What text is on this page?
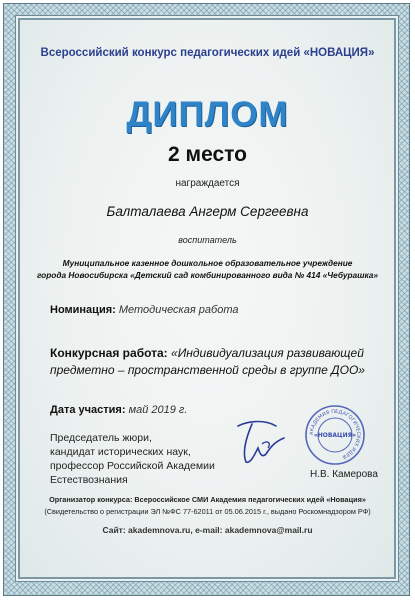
Всероссийский конкурс педагогических идей «НОВАЦИЯ»
ДИПЛОМ
2 место
награждается
Балталаева Ангерм Сергеевна
воспитатель
Муниципальное казенное дошкольное образовательное учреждение
города Новосибирска «Детский сад комбинированного вида № 414 «Чебурашка»
Номинация: Методическая работа
Конкурсная работа: «Индивидуализация развивающей
предметно – пространственной среды в группе ДОО»
Дата участия: май 2019 г.
Председатель жюри,
кандидат исторических наук,
профессор Российской Академии
Естествознания
АКАДЕМИЯ ПЕДАГОГИЧЕСКИХ ИДЕЙ
«НОВАЦИЯ»
Н.В. Камерова
Организатор конкурса: Всероссийское СМИ Академия педагогических идей «Новация»
(Свидетельство о регистрации ЭЛ №ФС 77-62011 от 05.06.2015 г., выдано Роскомнадзором РФ)
Сайт: akademnova.ru, e-mail: akademnova@mail.ru
